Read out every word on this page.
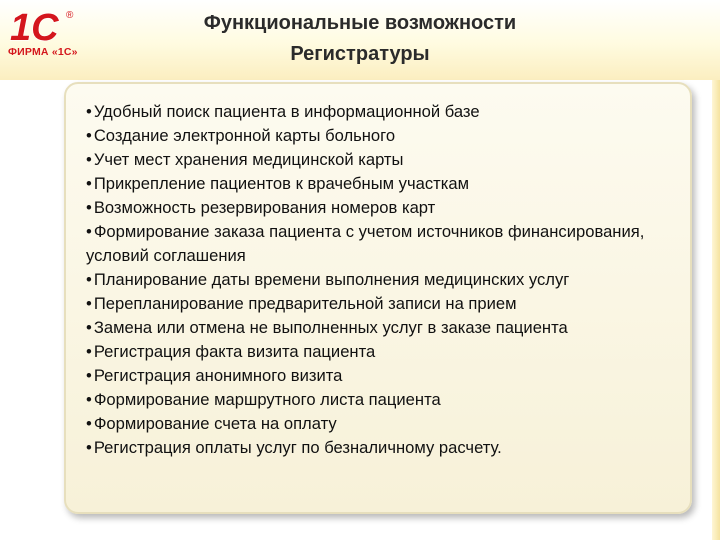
1С ®
ФИРМА «1С»
Функциональные возможности
Регистратуры
• Удобный поиск пациента в информационной базе
• Создание электронной карты больного
• Учет мест хранения медицинской карты
• Прикрепление пациентов к врачебным участкам
• Возможность резервирования номеров карт
• Формирование заказа пациента с учетом источников финансирования, условий соглашения
• Планирование даты времени выполнения медицинских услуг
• Перепланирование предварительной записи на прием
• Замена или отмена не выполненных услуг в заказе пациента
• Регистрация факта визита пациента
• Регистрация анонимного визита
• Формирование маршрутного листа пациента
• Формирование счета на оплату
• Регистрация оплаты услуг по безналичному расчету.
